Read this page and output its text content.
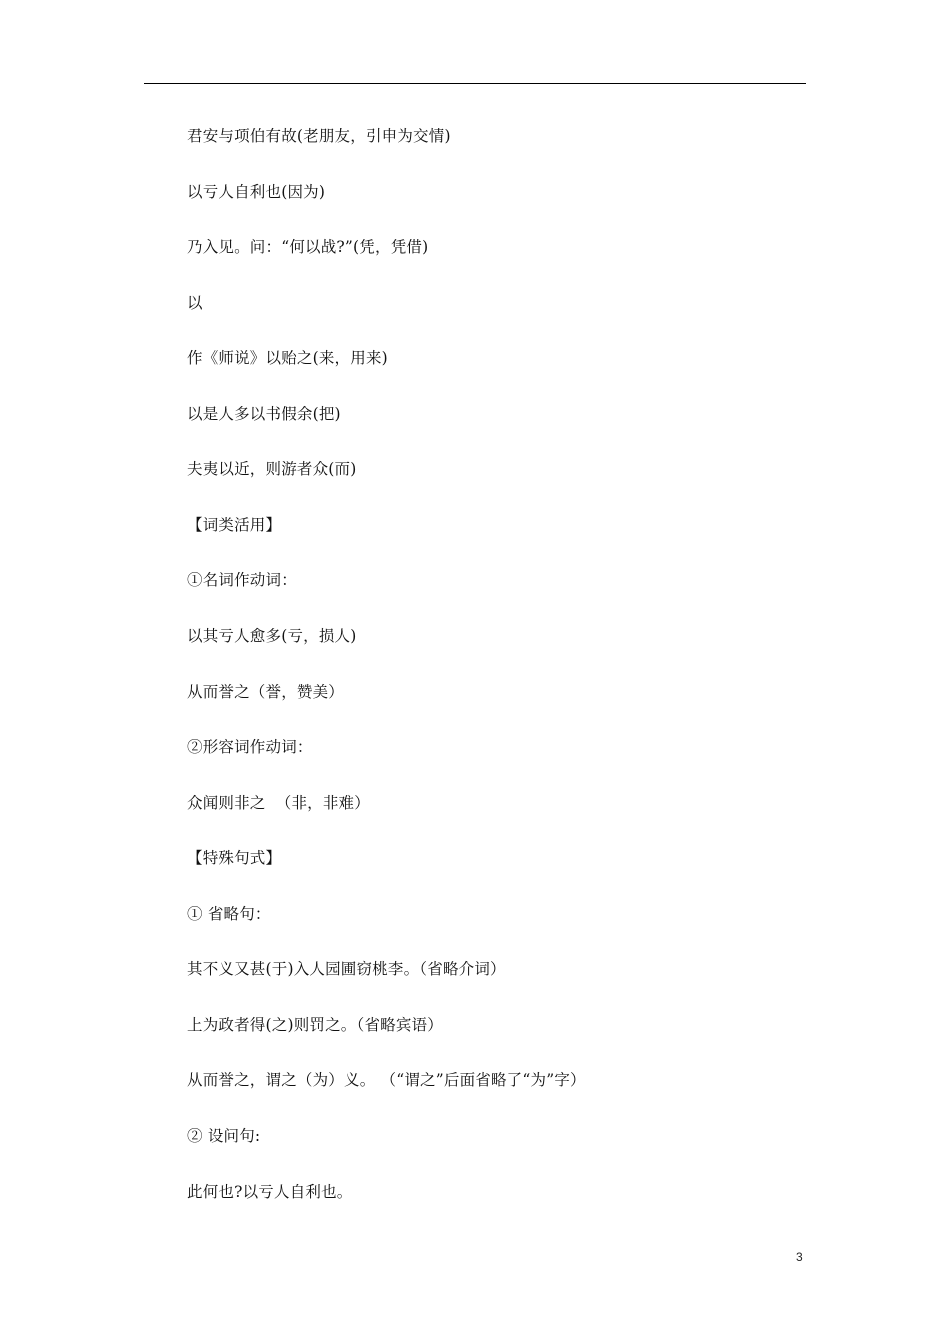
君安与项伯有故(老朋友，引申为交情)
以亏人自利也(因为)
乃入见。问：“何以战?”(凭，凭借)
以
作《师说》以贻之(来，用来)
以是人多以书假余(把)
夫夷以近，则游者众(而)
【词类活用】
①名词作动词：
以其亏人愈多(亏，损人)
从而誉之（誉，赞美）
②形容词作动词：
众闻则非之  （非，非难）
【特殊句式】
① 省略句：
其不义又甚(于)入人园圃窃桃李。（省略介词）
上为政者得(之)则罚之。（省略宾语）
从而誉之，谓之（为）义。 （“谓之”后面省略了“为”字）
② 设问句:
此何也?以亏人自利也。
3
